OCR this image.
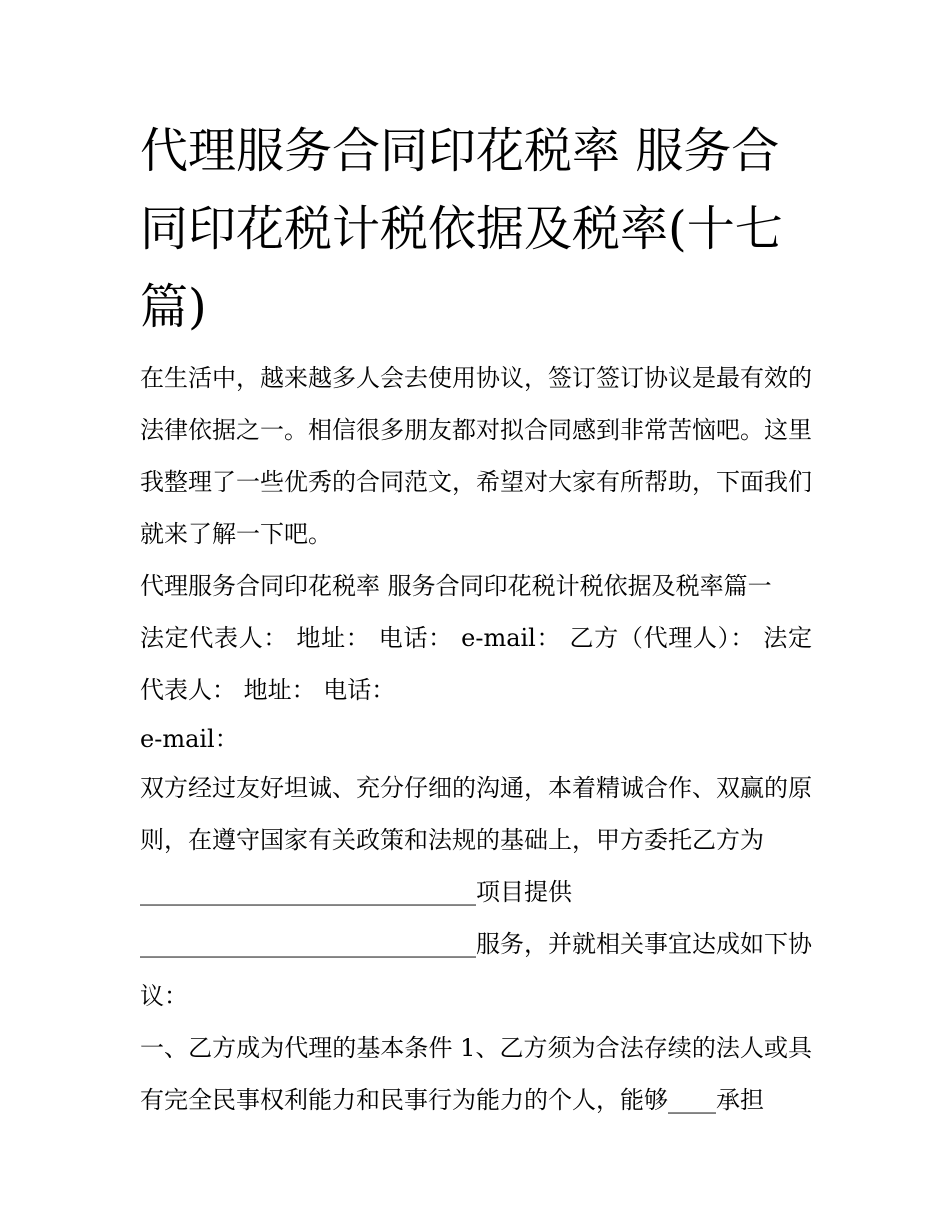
代理服务合同印花税率 服务合同印花税计税依据及税率(十七篇)

在生活中，越来越多人会去使用协议，签订签订协议是最有效的法律依据之一。相信很多朋友都对拟合同感到非常苦恼吧。这里我整理了一些优秀的合同范文，希望对大家有所帮助，下面我们就来了解一下吧。

代理服务合同印花税率 服务合同印花税计税依据及税率篇一

法定代表人： 地址： 电话： e-mail： 乙方（代理人）： 法定代表人： 地址： 电话：

e-mail：

双方经过友好坦诚、充分仔细的沟通，本着精诚合作、双赢的原则，在遵守国家有关政策和法规的基础上，甲方委托乙方为

____________________________项目提供

____________________________服务，并就相关事宜达成如下协议：

一、乙方成为代理的基本条件 1、乙方须为合法存续的法人或具有完全民事权利能力和民事行为能力的个人，能够____承担
